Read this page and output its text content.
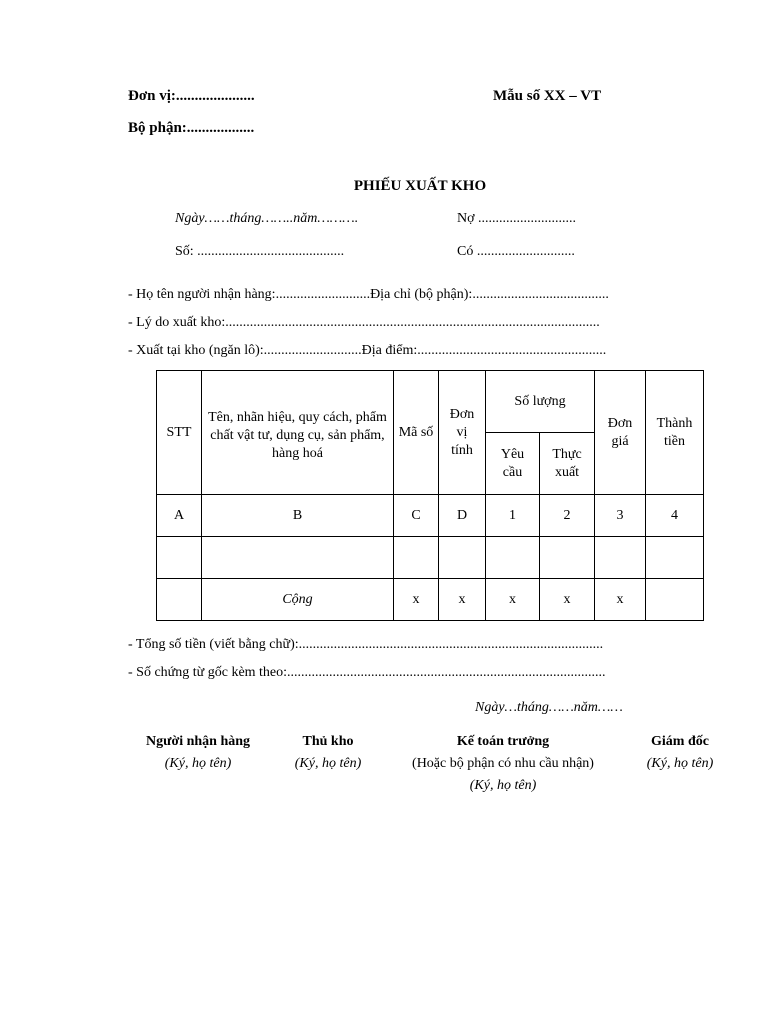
Đơn vị:.....................	Mẫu số XX – VT
Bộ phận:..................
PHIẾU XUẤT KHO
Ngày……tháng……..năm……….	Nợ ............................
Số: ..........................................	Có ............................
- Họ tên người nhận hàng:...........................Địa chỉ (bộ phận):.......................................
- Lý do xuất kho:...........................................................................................................
- Xuất tại kho (ngăn lô):............................Địa điểm:......................................................
STT	Tên, nhãn hiệu, quy cách, phẩm chất vật tư, dụng cụ, sản phẩm, hàng hoá	Mã số	Đơn vị tính	Số lượng		Đơn giá	Thành tiền
				Yêu cầu	Thực xuất		
A	B	C	D	1	2	3	4

	Cộng	x	x	x	x	x	
- Tổng số tiền (viết bằng chữ):.......................................................................................
- Số chứng từ gốc kèm theo:...........................................................................................
Ngày…tháng……năm……
Người nhận hàng
(Ký, họ tên)
Thủ kho
(Ký, họ tên)
Kế toán trưởng
(Hoặc bộ phận có nhu cầu nhận)
(Ký, họ tên)
Giám đốc
(Ký, họ tên)
